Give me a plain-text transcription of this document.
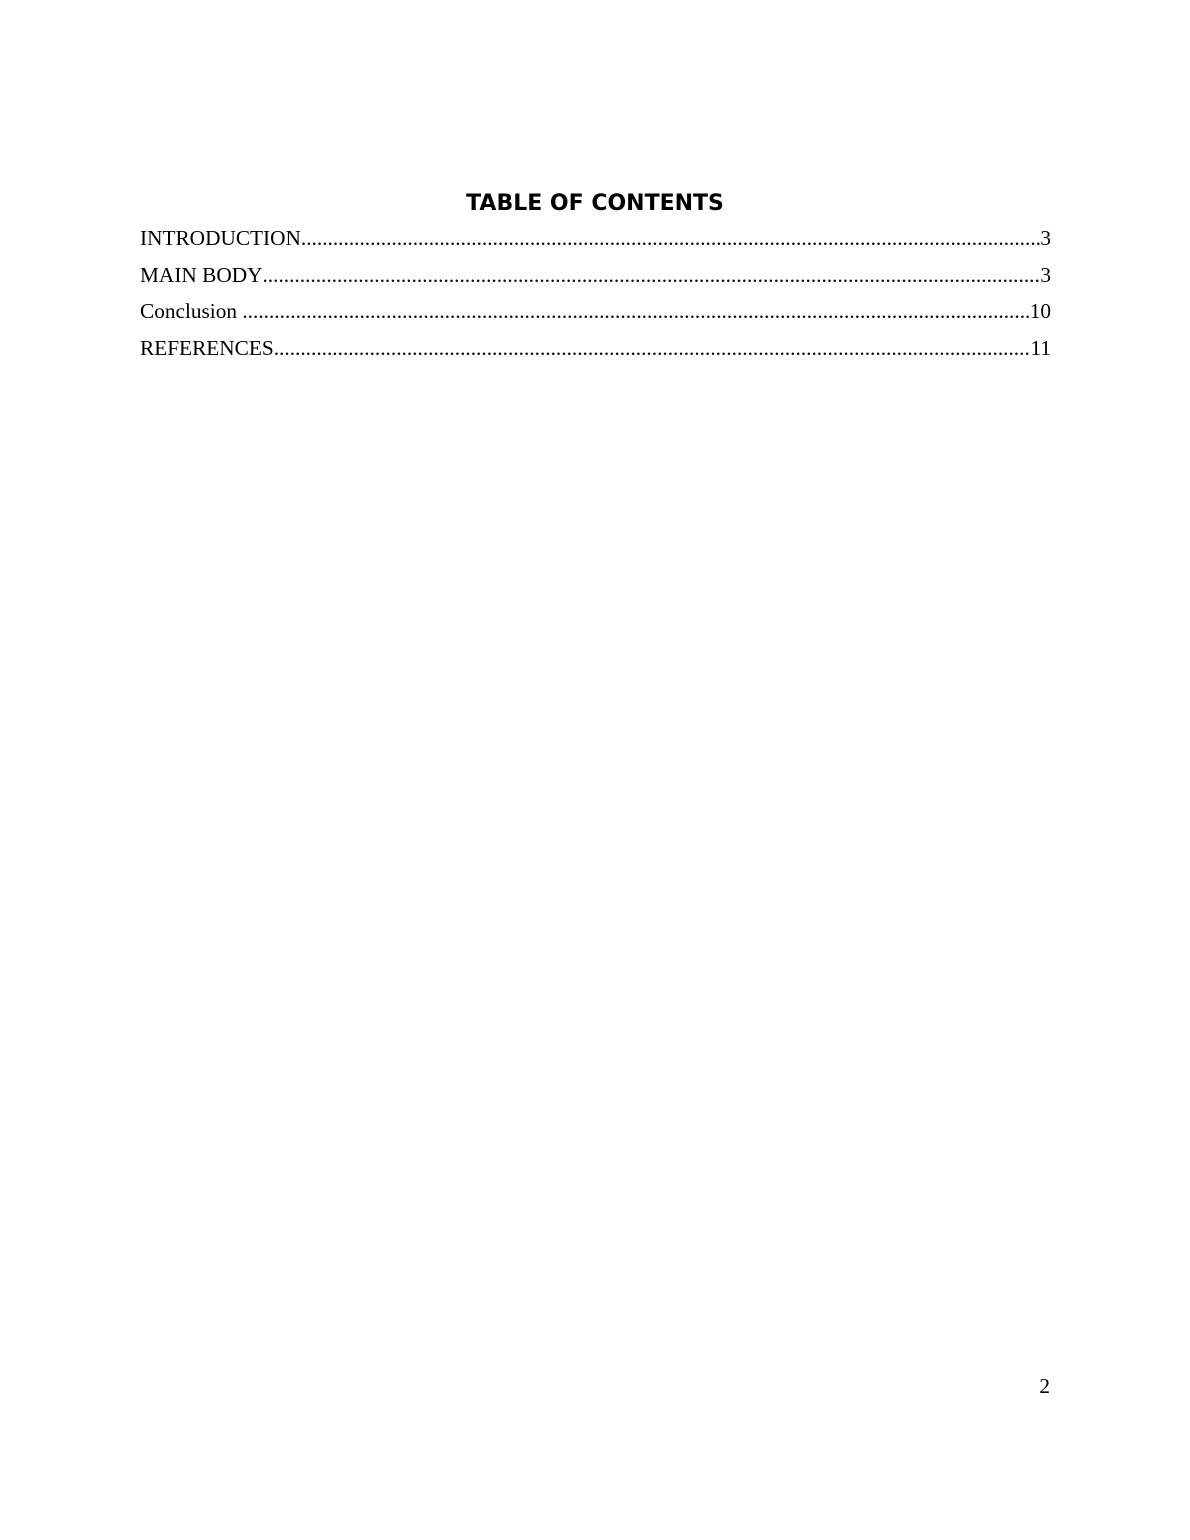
TABLE OF CONTENTS
INTRODUCTION .....	3
MAIN BODY .....	3
Conclusion .....	10
REFERENCES .....	11

2
